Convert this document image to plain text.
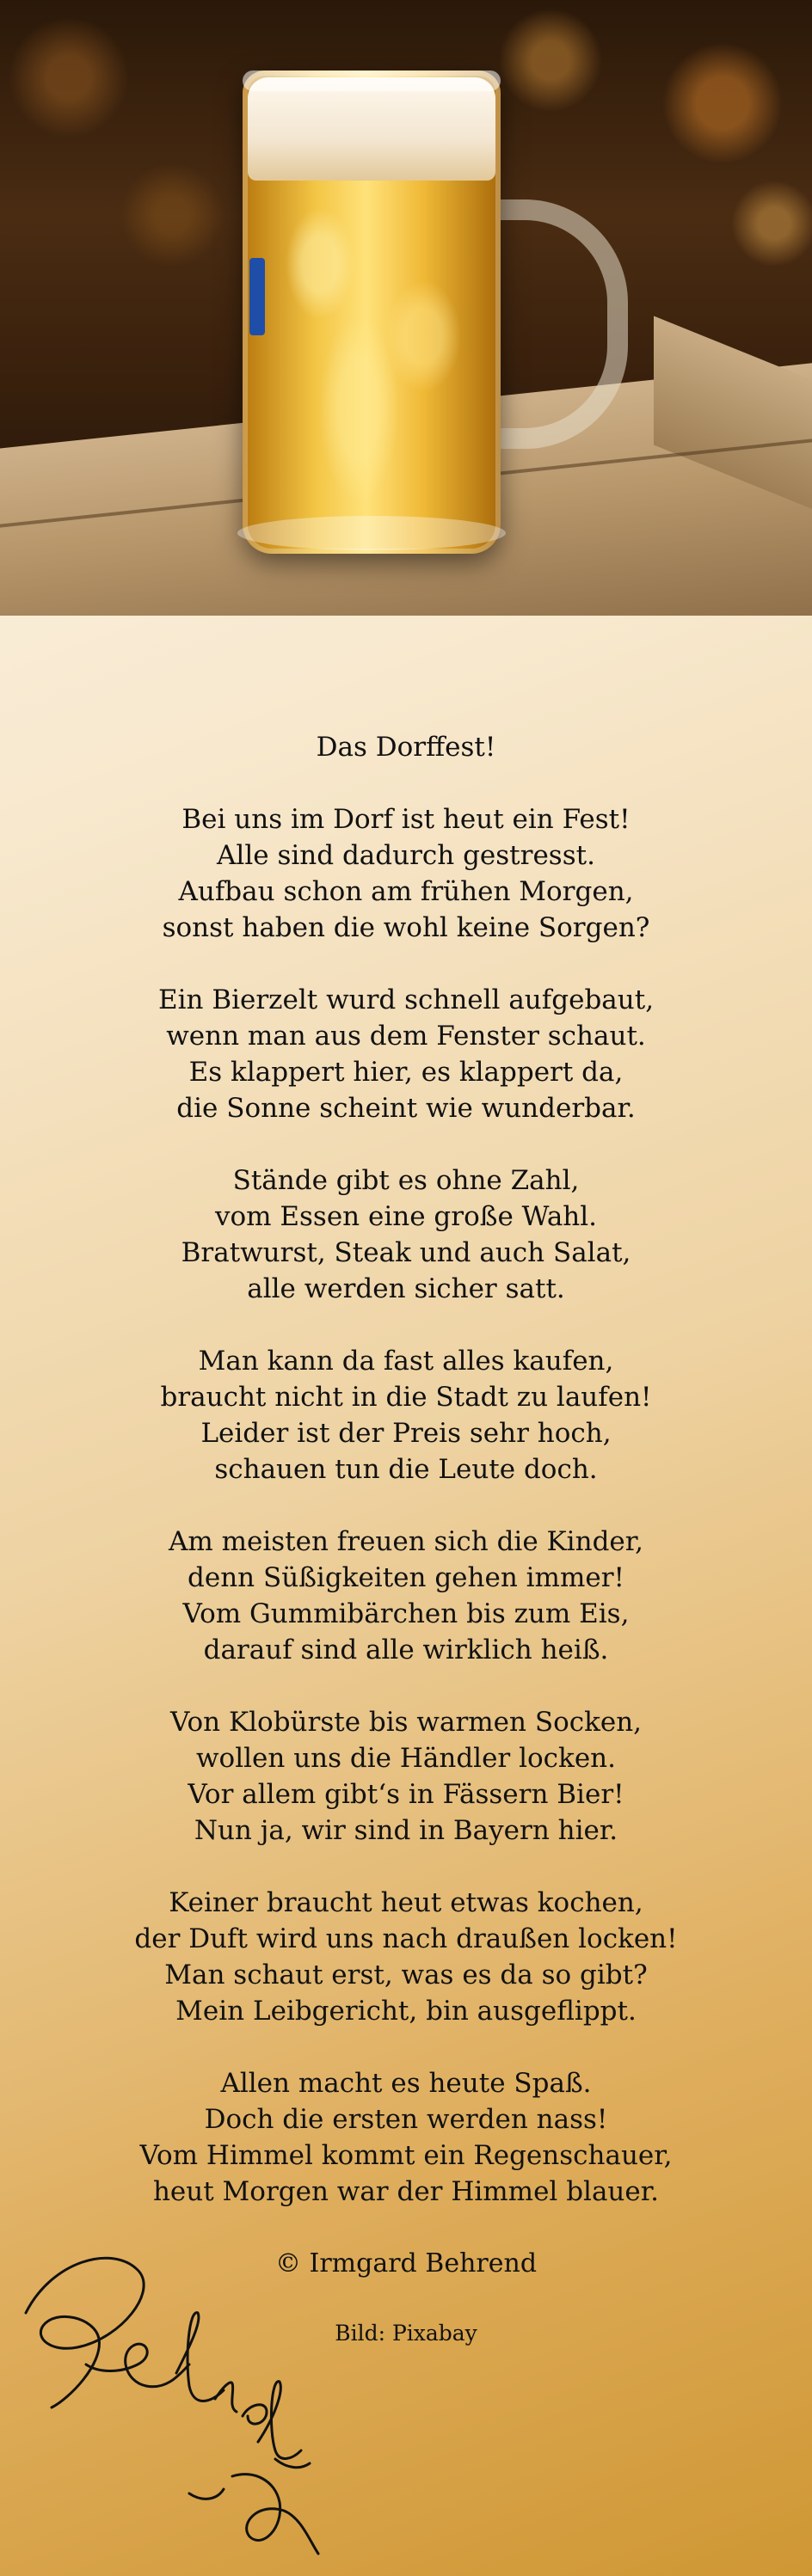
Das Dorffest!
Bei uns im Dorf ist heut ein Fest!
Alle sind dadurch gestresst.
Aufbau schon am frühen Morgen,
sonst haben die wohl keine Sorgen?
Ein Bierzelt wurd schnell aufgebaut,
wenn man aus dem Fenster schaut.
Es klappert hier, es klappert da,
die Sonne scheint wie wunderbar.
Stände gibt es ohne Zahl,
vom Essen eine große Wahl.
Bratwurst, Steak und auch Salat,
alle werden sicher satt.
Man kann da fast alles kaufen,
braucht nicht in die Stadt zu laufen!
Leider ist der Preis sehr hoch,
schauen tun die Leute doch.
Am meisten freuen sich die Kinder,
denn Süßigkeiten gehen immer!
Vom Gummibärchen bis zum Eis,
darauf sind alle wirklich heiß.
Von Klobürste bis warmen Socken,
wollen uns die Händler locken.
Vor allem gibt‘s in Fässern Bier!
Nun ja, wir sind in Bayern hier.
Keiner braucht heut etwas kochen,
der Duft wird uns nach draußen locken!
Man schaut erst, was es da so gibt?
Mein Leibgericht, bin ausgeflippt.
Allen macht es heute Spaß.
Doch die ersten werden nass!
Vom Himmel kommt ein Regenschauer,
heut Morgen war der Himmel blauer.
© Irmgard Behrend
Bild: Pixabay
